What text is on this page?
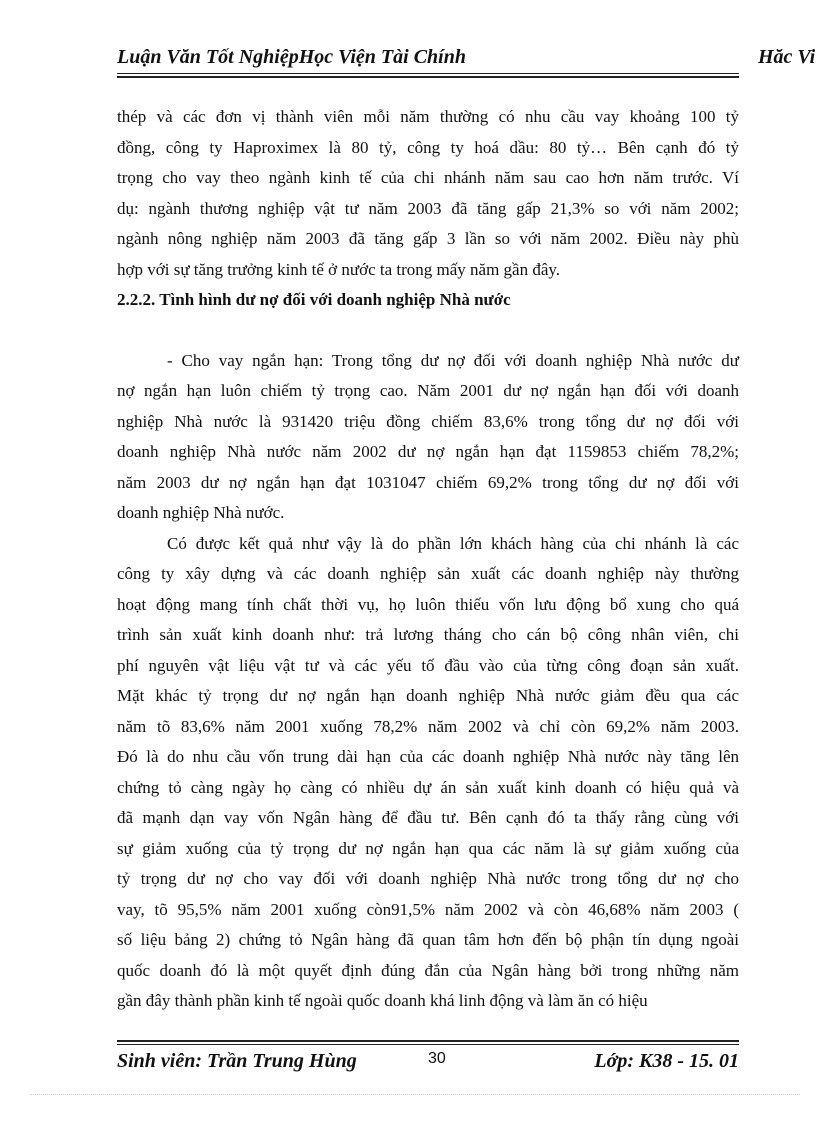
Luận Văn Tốt NghiệpHọc Viện Tài Chính	Hăc Vi

thép và các đơn vị thành viên mỗi năm thường có nhu cầu vay khoảng 100 tỷ
đồng, công ty Haproximex là 80 tỷ, công ty hoá dầu: 80 tỷ… Bên cạnh đó tỷ
trọng cho vay theo ngành kinh tế của chi nhánh năm sau cao hơn năm trước. Ví
dụ: ngành thương nghiệp vật tư năm 2003 đã tăng gấp 21,3% so với năm 2002;
ngành nông nghiệp năm 2003 đã tăng gấp 3 lần so với năm 2002. Điều này phù
hợp với sự tăng trưởng kinh tế ở nước ta trong mấy năm gần đây.

2.2.2. Tình hình dư nợ đối với doanh nghiệp Nhà nước

- Cho vay ngắn hạn: Trong tổng dư nợ đối với doanh nghiệp Nhà nước dư
nợ ngắn hạn luôn chiếm tỷ trọng cao. Năm 2001 dư nợ ngắn hạn đối với doanh
nghiệp Nhà nước là 931420 triệu đồng chiếm 83,6% trong tổng dư nợ đối với
doanh nghiệp Nhà nước năm 2002 dư nợ ngắn hạn đạt 1159853 chiếm 78,2%;
năm 2003 dư nợ ngắn hạn đạt 1031047 chiếm 69,2% trong tổng dư nợ đối với
doanh nghiệp Nhà nước.

Có được kết quả như vậy là do phần lớn khách hàng của chi nhánh là các
công ty xây dựng và các doanh nghiệp sản xuất các doanh nghiệp này thường
hoạt động mang tính chất thời vụ, họ luôn thiếu vốn lưu động bổ xung cho quá
trình sản xuất kinh doanh như: trả lương tháng cho cán bộ công nhân viên, chi
phí nguyên vật liệu vật tư và các yếu tố đầu vào của từng công đoạn sản xuất.
Mặt khác tỷ trọng dư nợ ngắn hạn doanh nghiệp Nhà nước giảm đều qua các
năm tõ 83,6% năm 2001 xuống 78,2% năm 2002 và chỉ còn 69,2% năm 2003.
Đó là do nhu cầu vốn trung dài hạn của các doanh nghiệp Nhà nước này tăng lên
chứng tỏ càng ngày họ càng có nhiều dự án sản xuất kinh doanh có hiệu quả và
đã mạnh dạn vay vốn Ngân hàng để đầu tư. Bên cạnh đó ta thấy rằng cùng với
sự giảm xuống của tỷ trọng dư nợ ngắn hạn qua các năm là sự giảm xuống của
tỷ trọng dư nợ cho vay đối với doanh nghiệp Nhà nước trong tổng dư nợ cho
vay, tõ 95,5% năm 2001 xuống còn91,5% năm 2002 và còn 46,68% năm 2003 (
số liệu bảng 2) chứng tỏ Ngân hàng đã quan tâm hơn đến bộ phận tín dụng ngoài
quốc doanh đó là một quyết định đúng đắn của Ngân hàng bởi trong những năm
gần đây thành phần kinh tế ngoài quốc doanh khá linh động và làm ăn có hiệu

Sinh viên: Trần Trung Hùng	30	Lớp: K38 - 15. 01
